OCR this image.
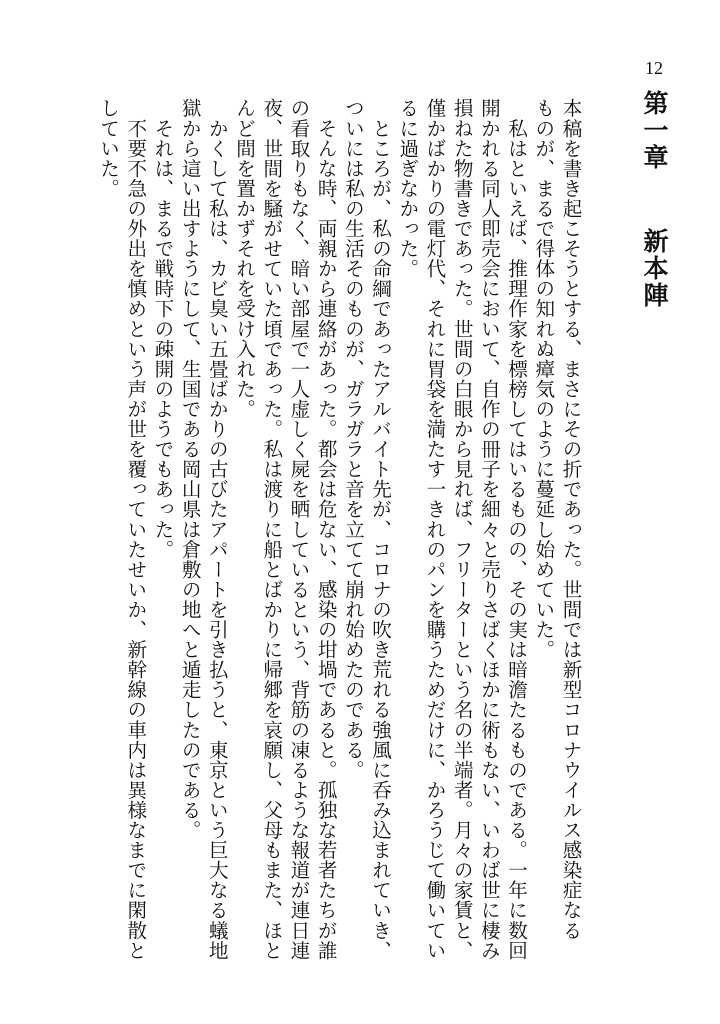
12
第一章 新本陣
本稿を書き起こそうとする、まさにその折であった。世間では新型コロナウイルス感染症なる
ものが、まるで得体の知れぬ瘴気のように蔓延し始めていた。
　私はといえば、推理作家を標榜してはいるものの、その実は暗澹たるものである。一年に数回
開かれる同人即売会において、自作の冊子を細々と売りさばくほかに術もない、いわば世に棲み
損ねた物書きであった。世間の白眼から見れば、フリーターという名の半端者。月々の家賃と、
僅かばかりの電灯代、それに胃袋を満たす一きれのパンを購うためだけに、かろうじて働いてい
るに過ぎなかった。
　ところが、私の命綱であったアルバイト先が、コロナの吹き荒れる強風に呑み込まれていき、
ついには私の生活そのものが、ガラガラと音を立てて崩れ始めたのである。
　そんな時、両親から連絡があった。都会は危ない、感染の坩堝であると。孤独な若者たちが誰
の看取りもなく、暗い部屋で一人虚しく屍を晒しているという、背筋の凍るような報道が連日連
夜、世間を騒がせていた頃であった。私は渡りに船とばかりに帰郷を哀願し、父母もまた、ほと
んど間を置かずそれを受け入れた。
　かくして私は、カビ臭い五畳ばかりの古びたアパートを引き払うと、東京という巨大なる蟻地
獄から這い出すようにして、生国である岡山県は倉敷の地へと遁走したのである。
　それは、まるで戦時下の疎開のようでもあった。
　不要不急の外出を慎めという声が世を覆っていたせいか、新幹線の車内は異様なまでに閑散と
していた。
